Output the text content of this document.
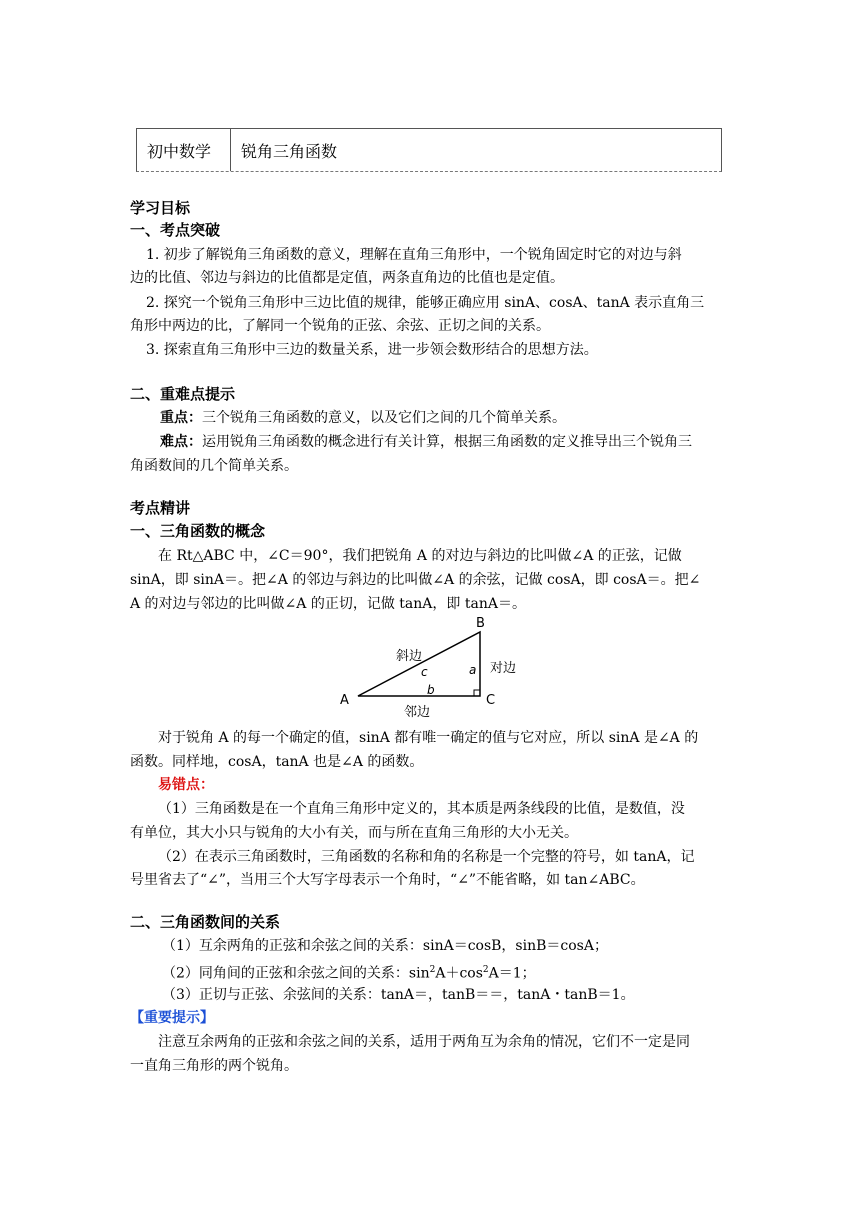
初中数学	锐角三角函数
学习目标
一、考点突破
1. 初步了解锐角三角函数的意义，理解在直角三角形中，一个锐角固定时它的对边与斜
边的比值、邻边与斜边的比值都是定值，两条直角边的比值也是定值。
2. 探究一个锐角三角形中三边比值的规律，能够正确应用 sinA、cosA、tanA 表示直角三
角形中两边的比，了解同一个锐角的正弦、余弦、正切之间的关系。
3. 探索直角三角形中三边的数量关系，进一步领会数形结合的思想方法。
二、重难点提示
重点：三个锐角三角函数的意义，以及它们之间的几个简单关系。
难点：运用锐角三角函数的概念进行有关计算，根据三角函数的定义推导出三个锐角三
角函数间的几个简单关系。
考点精讲
一、三角函数的概念
在 Rt△ABC 中，∠C＝90°，我们把锐角 A 的对边与斜边的比叫做∠A 的正弦，记做
sinA，即 sinA＝。把∠A 的邻边与斜边的比叫做∠A 的余弦，记做 cosA，即 cosA＝。把∠
A 的对边与邻边的比叫做∠A 的正切，记做 tanA，即 tanA＝。
B
A	C
斜边
c	a 对边
b
邻边
对于锐角 A 的每一个确定的值，sinA 都有唯一确定的值与它对应，所以 sinA 是∠A 的
函数。同样地，cosA，tanA 也是∠A 的函数。
易错点：
（1）三角函数是在一个直角三角形中定义的，其本质是两条线段的比值，是数值，没
有单位，其大小只与锐角的大小有关，而与所在直角三角形的大小无关。
（2）在表示三角函数时，三角函数的名称和角的名称是一个完整的符号，如 tanA，记
号里省去了“∠”，当用三个大写字母表示一个角时，“∠”不能省略，如 tan∠ABC。
二、三角函数间的关系
（1）互余两角的正弦和余弦之间的关系：sinA＝cosB，sinB＝cosA；
（2）同角间的正弦和余弦之间的关系：$\sin^2A+\cos^2A=1$；
（3）正切与正弦、余弦间的关系：tanA＝，tanB＝＝，tanA・tanB＝1。
【重要提示】
注意互余两角的正弦和余弦之间的关系，适用于两角互为余角的情况，它们不一定是同
一直角三角形的两个锐角。
